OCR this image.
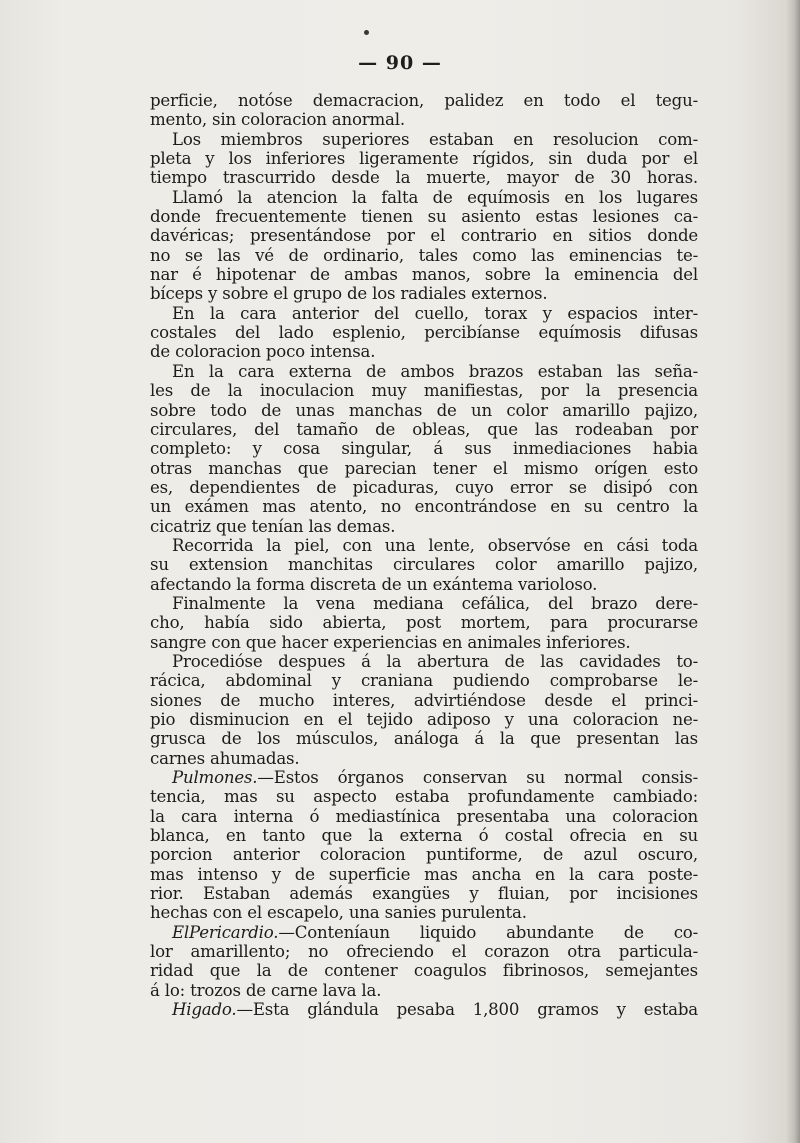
— 90 —
perficie, notóse demacracion, palidez en todo el tegu-
mento, sin coloracion anormal.
Los miembros superiores estaban en resolucion com-
pleta y los inferiores ligeramente rígidos, sin duda por el
tiempo trascurrido desde la muerte, mayor de 30 horas.
Llamó la atencion la falta de equímosis en los lugares
donde frecuentemente tienen su asiento estas lesiones ca-
davéricas; presentándose por el contrario en sitios donde
no se las vé de ordinario, tales como las eminencias te-
nar é hipotenar de ambas manos, sobre la eminencia del
bíceps y sobre el grupo de los radiales externos.
En la cara anterior del cuello, torax y espacios inter-
costales del lado esplenio, percibíanse equímosis difusas
de coloracion poco intensa.
En la cara externa de ambos brazos estaban las seña-
les de la inoculacion muy manifiestas, por la presencia
sobre todo de unas manchas de un color amarillo pajizo,
circulares, del tamaño de obleas, que las rodeaban por
completo: y cosa singular, á sus inmediaciones habia
otras manchas que parecian tener el mismo orígen esto
es, dependientes de picaduras, cuyo error se disipó con
un exámen mas atento, no encontrándose en su centro la
cicatriz que tenían las demas.
Recorrida la piel, con una lente, observóse en cási toda
su extension manchitas circulares color amarillo pajizo,
afectando la forma discreta de un exántema varioloso.
Finalmente la vena mediana cefálica, del brazo dere-
cho, había sido abierta, post mortem, para procurarse
sangre con que hacer experiencias en animales inferiores.
Procedióse despues á la abertura de las cavidades to-
rácica, abdominal y craniana pudiendo comprobarse le-
siones de mucho interes, advirtiéndose desde el princi-
pio disminucion en el tejido adiposo y una coloracion ne-
grusca de los músculos, análoga á la que presentan las
carnes ahumadas.
Pulmones.—Estos órganos conservan su normal consis-
tencia, mas su aspecto estaba profundamente cambiado:
la cara interna ó mediastínica presentaba una coloracion
blanca, en tanto que la externa ó costal ofrecia en su
porcion anterior coloracion puntiforme, de azul oscuro,
mas intenso y de superficie mas ancha en la cara poste-
rior. Estaban además exangües y fluian, por incisiones
hechas con el escapelo, una sanies purulenta.
ElPericardio.—Conteníaun liquido abundante de co-
lor amarillento; no ofreciendo el corazon otra particula-
ridad que la de contener coagulos fibrinosos, semejantes
á lo: trozos de carne lava la.
Higado.—Esta glándula pesaba 1,800 gramos y estaba
